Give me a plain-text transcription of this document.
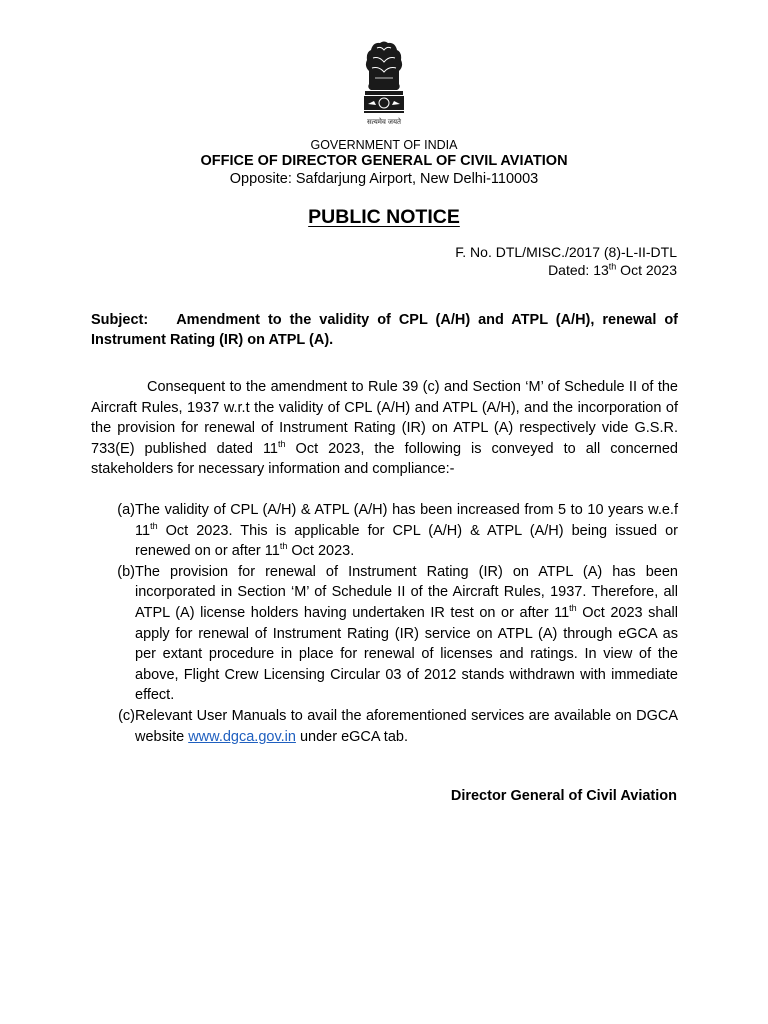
सत्यमेव जयते
GOVERNMENT OF INDIA
OFFICE OF DIRECTOR GENERAL OF CIVIL AVIATION
Opposite: Safdarjung Airport, New Delhi-110003
PUBLIC NOTICE
F. No. DTL/MISC./2017 (8)-L-II-DTL
Dated: 13th Oct 2023
Subject: Amendment to the validity of CPL (A/H) and ATPL (A/H), renewal of Instrument Rating (IR) on ATPL (A).
Consequent to the amendment to Rule 39 (c) and Section ‘M’ of Schedule II of the Aircraft Rules, 1937 w.r.t the validity of CPL (A/H) and ATPL (A/H), and the incorporation of the provision for renewal of Instrument Rating (IR) on ATPL (A) respectively vide G.S.R. 733(E) published dated 11th Oct 2023, the following is conveyed to all concerned stakeholders for necessary information and compliance:-
(a) The validity of CPL (A/H) & ATPL (A/H) has been increased from 5 to 10 years w.e.f 11th Oct 2023. This is applicable for CPL (A/H) & ATPL (A/H) being issued or renewed on or after 11th Oct 2023.
(b) The provision for renewal of Instrument Rating (IR) on ATPL (A) has been incorporated in Section ‘M’ of Schedule II of the Aircraft Rules, 1937. Therefore, all ATPL (A) license holders having undertaken IR test on or after 11th Oct 2023 shall apply for renewal of Instrument Rating (IR) service on ATPL (A) through eGCA as per extant procedure in place for renewal of licenses and ratings. In view of the above, Flight Crew Licensing Circular 03 of 2012 stands withdrawn with immediate effect.
(c) Relevant User Manuals to avail the aforementioned services are available on DGCA website www.dgca.gov.in under eGCA tab.
Director General of Civil Aviation
